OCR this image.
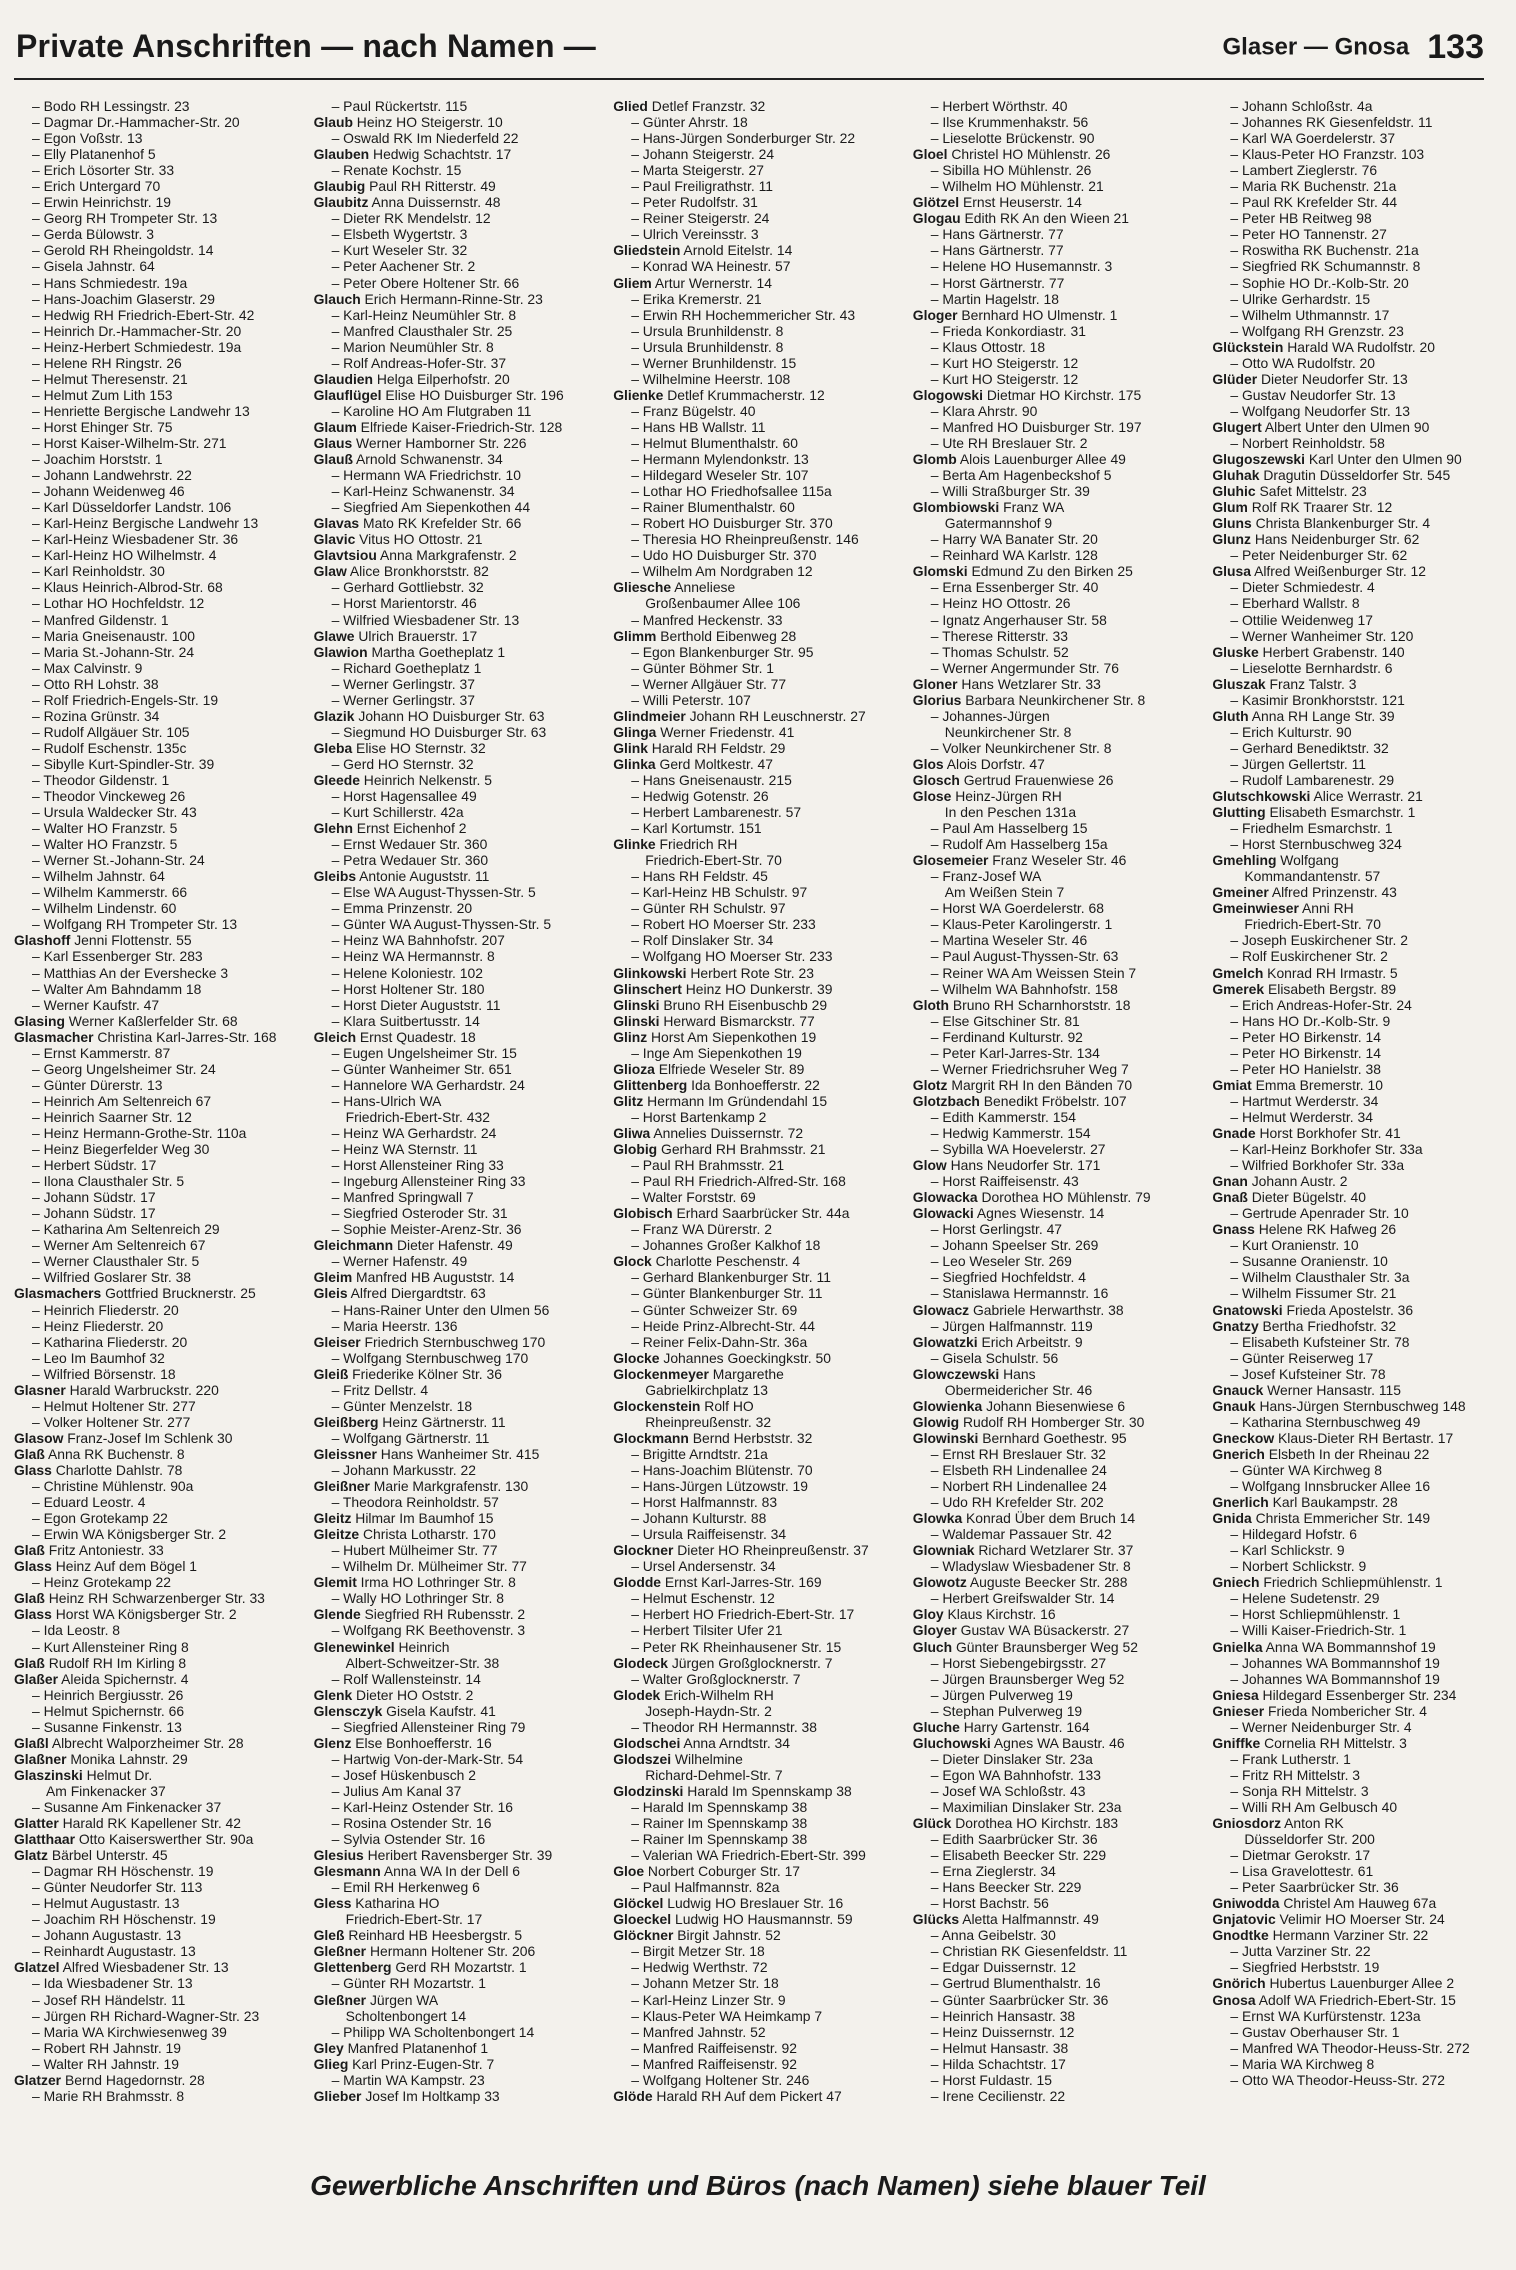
Private Anschriften — nach Namen —	Glaser — Gnosa 133
– Bodo RH Lessingstr. 23
– Dagmar Dr.-Hammacher-Str. 20
– Egon Voßstr. 13
– Elly Platanenhof 5
– Erich Lösorter Str. 33
– Erich Untergard 70
– Erwin Heinrichstr. 19
– Georg RH Trompeter Str. 13
– Gerda Bülowstr. 3
– Gerold RH Rheingoldstr. 14
– Gisela Jahnstr. 64
– Hans Schmiedestr. 19a
– Hans-Joachim Glaserstr. 29
– Hedwig RH Friedrich-Ebert-Str. 42
– Heinrich Dr.-Hammacher-Str. 20
– Heinz-Herbert Schmiedestr. 19a
– Helene RH Ringstr. 26
– Helmut Theresenstr. 21
– Helmut Zum Lith 153
– Henriette Bergische Landwehr 13
– Horst Ehinger Str. 75
– Horst Kaiser-Wilhelm-Str. 271
– Joachim Horststr. 1
– Johann Landwehrstr. 22
– Johann Weidenweg 46
– Karl Düsseldorfer Landstr. 106
– Karl-Heinz Bergische Landwehr 13
– Karl-Heinz Wiesbadener Str. 36
– Karl-Heinz HO Wilhelmstr. 4
– Karl Reinholdstr. 30
– Klaus Heinrich-Albrod-Str. 68
– Lothar HO Hochfeldstr. 12
– Manfred Gildenstr. 1
– Maria Gneisenaustr. 100
– Maria St.-Johann-Str. 24
– Max Calvinstr. 9
– Otto RH Lohstr. 38
– Rolf Friedrich-Engels-Str. 19
– Rozina Grünstr. 34
– Rudolf Allgäuer Str. 105
– Rudolf Eschenstr. 135c
– Sibylle Kurt-Spindler-Str. 39
– Theodor Gildenstr. 1
– Theodor Vinckeweg 26
– Ursula Waldecker Str. 43
– Walter HO Franzstr. 5
– Walter HO Franzstr. 5
– Werner St.-Johann-Str. 24
– Wilhelm Jahnstr. 64
– Wilhelm Kammerstr. 66
– Wilhelm Lindenstr. 60
– Wolfgang RH Trompeter Str. 13
Glashoff Jenni Flottenstr. 55
– Karl Essenberger Str. 283
– Matthias An der Evershecke 3
– Walter Am Bahndamm 18
– Werner Kaufstr. 47
Glasing Werner Kaßlerfelder Str. 68
Glasmacher Christina Karl-Jarres-Str. 168
– Ernst Kammerstr. 87
– Georg Ungelsheimer Str. 24
– Günter Dürerstr. 13
– Heinrich Am Seltenreich 67
– Heinrich Saarner Str. 12
– Heinz Hermann-Grothe-Str. 110a
– Heinz Biegerfelder Weg 30
– Herbert Südstr. 17
– Ilona Clausthaler Str. 5
– Johann Südstr. 17
– Johann Südstr. 17
– Katharina Am Seltenreich 29
– Werner Am Seltenreich 67
– Werner Clausthaler Str. 5
– Wilfried Goslarer Str. 38
Glasmachers Gottfried Brucknerstr. 25
– Heinrich Fliederstr. 20
– Heinz Fliederstr. 20
– Katharina Fliederstr. 20
– Leo Im Baumhof 32
– Wilfried Börsenstr. 18
Glasner Harald Warbruckstr. 220
– Helmut Holtener Str. 277
– Volker Holtener Str. 277
Glasow Franz-Josef Im Schlenk 30
Glaß Anna RK Buchenstr. 8
Glass Charlotte Dahlstr. 78
– Christine Mühlenstr. 90a
– Eduard Leostr. 4
– Egon Grotekamp 22
– Erwin WA Königsberger Str. 2
Glaß Fritz Antoniestr. 33
Glass Heinz Auf dem Bögel 1
– Heinz Grotekamp 22
Glaß Heinz RH Schwarzenberger Str. 33
Glass Horst WA Königsberger Str. 2
– Ida Leostr. 8
– Kurt Allensteiner Ring 8
Glaß Rudolf RH Im Kirling 8
Glaßer Aleida Spichernstr. 4
– Heinrich Bergiusstr. 26
– Helmut Spichernstr. 66
– Susanne Finkenstr. 13
Glaßl Albrecht Walporzheimer Str. 28
Glaßner Monika Lahnstr. 29
Glaszinski Helmut Dr.
Am Finkenacker 37
– Susanne Am Finkenacker 37
Glatter Harald RK Kapellener Str. 42
Glatthaar Otto Kaiserswerther Str. 90a
Glatz Bärbel Unterstr. 45
– Dagmar RH Höschenstr. 19
– Günter Neudorfer Str. 113
– Helmut Augustastr. 13
– Joachim RH Höschenstr. 19
– Johann Augustastr. 13
– Reinhardt Augustastr. 13
Glatzel Alfred Wiesbadener Str. 13
– Ida Wiesbadener Str. 13
– Josef RH Händelstr. 11
– Jürgen RH Richard-Wagner-Str. 23
– Maria WA Kirchwiesenweg 39
– Robert RH Jahnstr. 19
– Walter RH Jahnstr. 19
Glatzer Bernd Hagedornstr. 28
– Marie RH Brahmsstr. 8
– Paul Rückertstr. 115
Glaub Heinz HO Steigerstr. 10
– Oswald RK Im Niederfeld 22
Glauben Hedwig Schachtstr. 17
– Renate Kochstr. 15
Glaubig Paul RH Ritterstr. 49
Glaubitz Anna Duissernstr. 48
– Dieter RK Mendelstr. 12
– Elsbeth Wygertstr. 3
– Kurt Weseler Str. 32
– Peter Aachener Str. 2
– Peter Obere Holtener Str. 66
Glauch Erich Hermann-Rinne-Str. 23
– Karl-Heinz Neumühler Str. 8
– Manfred Clausthaler Str. 25
– Marion Neumühler Str. 8
– Rolf Andreas-Hofer-Str. 37
Glaudien Helga Eilperhofstr. 20
Glauflügel Elise HO Duisburger Str. 196
– Karoline HO Am Flutgraben 11
Glaum Elfriede Kaiser-Friedrich-Str. 128
Glaus Werner Hamborner Str. 226
Glauß Arnold Schwanenstr. 34
– Hermann WA Friedrichstr. 10
– Karl-Heinz Schwanenstr. 34
– Siegfried Am Siepenkothen 44
Glavas Mato RK Krefelder Str. 66
Glavic Vitus HO Ottostr. 21
Glavtsiou Anna Markgrafenstr. 2
Glaw Alice Bronkhorststr. 82
– Gerhard Gottliebstr. 32
– Horst Marientorstr. 46
– Wilfried Wiesbadener Str. 13
Glawe Ulrich Brauerstr. 17
Glawion Martha Goetheplatz 1
– Richard Goetheplatz 1
– Werner Gerlingstr. 37
– Werner Gerlingstr. 37
Glazik Johann HO Duisburger Str. 63
– Siegmund HO Duisburger Str. 63
Gleba Elise HO Sternstr. 32
– Gerd HO Sternstr. 32
Gleede Heinrich Nelkenstr. 5
– Horst Hagensallee 49
– Kurt Schillerstr. 42a
Glehn Ernst Eichenhof 2
– Ernst Wedauer Str. 360
– Petra Wedauer Str. 360
Gleibs Antonie Auguststr. 11
– Else WA August-Thyssen-Str. 5
– Emma Prinzenstr. 20
– Günter WA August-Thyssen-Str. 5
– Heinz WA Bahnhofstr. 207
– Heinz WA Hermannstr. 8
– Helene Koloniestr. 102
– Horst Holtener Str. 180
– Horst Dieter Auguststr. 11
– Klara Suitbertusstr. 14
Gleich Ernst Quadestr. 18
– Eugen Ungelsheimer Str. 15
– Günter Wanheimer Str. 651
– Hannelore WA Gerhardstr. 24
– Hans-Ulrich WA
Friedrich-Ebert-Str. 432
– Heinz WA Gerhardstr. 24
– Heinz WA Sternstr. 11
– Horst Allensteiner Ring 33
– Ingeburg Allensteiner Ring 33
– Manfred Springwall 7
– Siegfried Osteroder Str. 31
– Sophie Meister-Arenz-Str. 36
Gleichmann Dieter Hafenstr. 49
– Werner Hafenstr. 49
Gleim Manfred HB Auguststr. 14
Gleis Alfred Diergardtstr. 63
– Hans-Rainer Unter den Ulmen 56
– Maria Heerstr. 136
Gleiser Friedrich Sternbuschweg 170
– Wolfgang Sternbuschweg 170
Gleiß Friederike Kölner Str. 36
– Fritz Dellstr. 4
– Günter Menzelstr. 18
Gleißberg Heinz Gärtnerstr. 11
– Wolfgang Gärtnerstr. 11
Gleissner Hans Wanheimer Str. 415
– Johann Markusstr. 22
Gleißner Marie Markgrafenstr. 130
– Theodora Reinholdstr. 57
Gleitz Hilmar Im Baumhof 15
Gleitze Christa Lotharstr. 170
– Hubert Mülheimer Str. 77
– Wilhelm Dr. Mülheimer Str. 77
Glemit Irma HO Lothringer Str. 8
– Wally HO Lothringer Str. 8
Glende Siegfried RH Rubensstr. 2
– Wolfgang RK Beethovenstr. 3
Glenewinkel Heinrich
Albert-Schweitzer-Str. 38
– Rolf Wallensteinstr. 14
Glenk Dieter HO Oststr. 2
Glensczyk Gisela Kaufstr. 41
– Siegfried Allensteiner Ring 79
Glenz Else Bonhoefferstr. 16
– Hartwig Von-der-Mark-Str. 54
– Josef Hüskenbusch 2
– Julius Am Kanal 37
– Karl-Heinz Ostender Str. 16
– Rosina Ostender Str. 16
– Sylvia Ostender Str. 16
Glesius Heribert Ravensberger Str. 39
Glesmann Anna WA In der Dell 6
– Emil RH Herkenweg 6
Gless Katharina HO
Friedrich-Ebert-Str. 17
Gleß Reinhard HB Heesbergstr. 5
Gleßner Hermann Holtener Str. 206
Glettenberg Gerd RH Mozartstr. 1
– Günter RH Mozartstr. 1
Gleßner Jürgen WA
Scholtenbongert 14
– Philipp WA Scholtenbongert 14
Gley Manfred Platanenhof 1
Glieg Karl Prinz-Eugen-Str. 7
– Martin WA Kampstr. 23
Glieber Josef Im Holtkamp 33
Glied Detlef Franzstr. 32
– Günter Ahrstr. 18
– Hans-Jürgen Sonderburger Str. 22
– Johann Steigerstr. 24
– Marta Steigerstr. 27
– Paul Freiligrathstr. 11
– Peter Rudolfstr. 31
– Reiner Steigerstr. 24
– Ulrich Vereinsstr. 3
Gliedstein Arnold Eitelstr. 14
– Konrad WA Heinestr. 57
Gliem Artur Wernerstr. 14
– Erika Kremerstr. 21
– Erwin RH Hochemmericher Str. 43
– Ursula Brunhildenstr. 8
– Ursula Brunhildenstr. 8
– Werner Brunhildenstr. 15
– Wilhelmine Heerstr. 108
Glienke Detlef Krummacherstr. 12
– Franz Bügelstr. 40
– Hans HB Wallstr. 11
– Helmut Blumenthalstr. 60
– Hermann Mylendonkstr. 13
– Hildegard Weseler Str. 107
– Lothar HO Friedhofsallee 115a
– Rainer Blumenthalstr. 60
– Robert HO Duisburger Str. 370
– Theresia HO Rheinpreußenstr. 146
– Udo HO Duisburger Str. 370
– Wilhelm Am Nordgraben 12
Gliesche Anneliese
Großenbaumer Allee 106
– Manfred Heckenstr. 33
Glimm Berthold Eibenweg 28
– Egon Blankenburger Str. 95
– Günter Böhmer Str. 1
– Werner Allgäuer Str. 77
– Willi Peterstr. 107
Glindmeier Johann RH Leuschnerstr. 27
Glinga Werner Friedenstr. 41
Glink Harald RH Feldstr. 29
Glinka Gerd Moltkestr. 47
– Hans Gneisenaustr. 215
– Hedwig Gotenstr. 26
– Herbert Lambarenestr. 57
– Karl Kortumstr. 151
Glinke Friedrich RH
Friedrich-Ebert-Str. 70
– Hans RH Feldstr. 45
– Karl-Heinz HB Schulstr. 97
– Günter RH Schulstr. 97
– Robert HO Moerser Str. 233
– Rolf Dinslaker Str. 34
– Wolfgang HO Moerser Str. 233
Glinkowski Herbert Rote Str. 23
Glinschert Heinz HO Dunkerstr. 39
Glinski Bruno RH Eisenbuschb 29
Glinski Herward Bismarckstr. 77
Glinz Horst Am Siepenkothen 19
– Inge Am Siepenkothen 19
Glioza Elfriede Weseler Str. 89
Glittenberg Ida Bonhoefferstr. 22
Glitz Hermann Im Gründendahl 15
– Horst Bartenkamp 2
Gliwa Annelies Duissernstr. 72
Globig Gerhard RH Brahmsstr. 21
– Paul RH Brahmsstr. 21
– Paul RH Friedrich-Alfred-Str. 168
– Walter Forststr. 69
Globisch Erhard Saarbrücker Str. 44a
– Franz WA Dürerstr. 2
– Johannes Großer Kalkhof 18
Glock Charlotte Peschenstr. 4
– Gerhard Blankenburger Str. 11
– Günter Blankenburger Str. 11
– Günter Schweizer Str. 69
– Heide Prinz-Albrecht-Str. 44
– Reiner Felix-Dahn-Str. 36a
Glocke Johannes Goeckingkstr. 50
Glockenmeyer Margarethe
Gabrielkirchplatz 13
Glockenstein Rolf HO
Rheinpreußenstr. 32
Glockmann Bernd Herbststr. 32
– Brigitte Arndtstr. 21a
– Hans-Joachim Blütenstr. 70
– Hans-Jürgen Lützowstr. 19
– Horst Halfmannstr. 83
– Johann Kulturstr. 88
– Ursula Raiffeisenstr. 34
Glockner Dieter HO Rheinpreußenstr. 37
– Ursel Andersenstr. 34
Glodde Ernst Karl-Jarres-Str. 169
– Helmut Eschenstr. 12
– Herbert HO Friedrich-Ebert-Str. 17
– Herbert Tilsiter Ufer 21
– Peter RK Rheinhausener Str. 15
Glodeck Jürgen Großglocknerstr. 7
– Walter Großglocknerstr. 7
Glodek Erich-Wilhelm RH
Joseph-Haydn-Str. 2
– Theodor RH Hermannstr. 38
Glodschei Anna Arndtstr. 34
Glodszei Wilhelmine
Richard-Dehmel-Str. 7
Glodzinski Harald Im Spennskamp 38
– Harald Im Spennskamp 38
– Rainer Im Spennskamp 38
– Rainer Im Spennskamp 38
– Valerian WA Friedrich-Ebert-Str. 399
Gloe Norbert Coburger Str. 17
– Paul Halfmannstr. 82a
Glöckel Ludwig HO Breslauer Str. 16
Gloeckel Ludwig HO Hausmannstr. 59
Glöckner Birgit Jahnstr. 52
– Birgit Metzer Str. 18
– Hedwig Werthstr. 72
– Johann Metzer Str. 18
– Karl-Heinz Linzer Str. 9
– Klaus-Peter WA Heimkamp 7
– Manfred Jahnstr. 52
– Manfred Raiffeisenstr. 92
– Manfred Raiffeisenstr. 92
– Wolfgang Holtener Str. 246
Glöde Harald RH Auf dem Pickert 47
– Herbert Wörthstr. 40
– Ilse Krummenhakstr. 56
– Lieselotte Brückenstr. 90
Gloel Christel HO Mühlenstr. 26
– Sibilla HO Mühlenstr. 26
– Wilhelm HO Mühlenstr. 21
Glötzel Ernst Heuserstr. 14
Glogau Edith RK An den Wieen 21
– Hans Gärtnerstr. 77
– Hans Gärtnerstr. 77
– Helene HO Husemannstr. 3
– Horst Gärtnerstr. 77
– Martin Hagelstr. 18
Gloger Bernhard HO Ulmenstr. 1
– Frieda Konkordiastr. 31
– Klaus Ottostr. 18
– Kurt HO Steigerstr. 12
– Kurt HO Steigerstr. 12
Glogowski Dietmar HO Kirchstr. 175
– Klara Ahrstr. 90
– Manfred HO Duisburger Str. 197
– Ute RH Breslauer Str. 2
Glomb Alois Lauenburger Allee 49
– Berta Am Hagenbeckshof 5
– Willi Straßburger Str. 39
Glombiowski Franz WA
Gatermannshof 9
– Harry WA Banater Str. 20
– Reinhard WA Karlstr. 128
Glomski Edmund Zu den Birken 25
– Erna Essenberger Str. 40
– Heinz HO Ottostr. 26
– Ignatz Angerhauser Str. 58
– Therese Ritterstr. 33
– Thomas Schulstr. 52
– Werner Angermunder Str. 76
Gloner Hans Wetzlarer Str. 33
Glorius Barbara Neunkirchener Str. 8
– Johannes-Jürgen
Neunkirchener Str. 8
– Volker Neunkirchener Str. 8
Glos Alois Dorfstr. 47
Glosch Gertrud Frauenwiese 26
Glose Heinz-Jürgen RH
In den Peschen 131a
– Paul Am Hasselberg 15
– Rudolf Am Hasselberg 15a
Glosemeier Franz Weseler Str. 46
– Franz-Josef WA
Am Weißen Stein 7
– Horst WA Goerdelerstr. 68
– Klaus-Peter Karolingerstr. 1
– Martina Weseler Str. 46
– Paul August-Thyssen-Str. 63
– Reiner WA Am Weissen Stein 7
– Wilhelm WA Bahnhofstr. 158
Gloth Bruno RH Scharnhorststr. 18
– Else Gitschiner Str. 81
– Ferdinand Kulturstr. 92
– Peter Karl-Jarres-Str. 134
– Werner Friedrichsruher Weg 7
Glotz Margrit RH In den Bänden 70
Glotzbach Benedikt Fröbelstr. 107
– Edith Kammerstr. 154
– Hedwig Kammerstr. 154
– Sybilla WA Hoevelerstr. 27
Glow Hans Neudorfer Str. 171
– Horst Raiffeisenstr. 43
Glowacka Dorothea HO Mühlenstr. 79
Glowacki Agnes Wiesenstr. 14
– Horst Gerlingstr. 47
– Johann Speelser Str. 269
– Leo Weseler Str. 269
– Siegfried Hochfeldstr. 4
– Stanislawa Hermannstr. 16
Glowacz Gabriele Herwarthstr. 38
– Jürgen Halfmannstr. 119
Glowatzki Erich Arbeitstr. 9
– Gisela Schulstr. 56
Glowczewski Hans
Obermeidericher Str. 46
Glowienka Johann Biesenwiese 6
Glowig Rudolf RH Homberger Str. 30
Glowinski Bernhard Goethestr. 95
– Ernst RH Breslauer Str. 32
– Elsbeth RH Lindenallee 24
– Norbert RH Lindenallee 24
– Udo RH Krefelder Str. 202
Glowka Konrad Über dem Bruch 14
– Waldemar Passauer Str. 42
Glowniak Richard Wetzlarer Str. 37
– Wladyslaw Wiesbadener Str. 8
Glowotz Auguste Beecker Str. 288
– Herbert Greifswalder Str. 14
Gloy Klaus Kirchstr. 16
Gloyer Gustav WA Büsackerstr. 27
Gluch Günter Braunsberger Weg 52
– Horst Siebengebirgsstr. 27
– Jürgen Braunsberger Weg 52
– Jürgen Pulverweg 19
– Stephan Pulverweg 19
Gluche Harry Gartenstr. 164
Gluchowski Agnes WA Baustr. 46
– Dieter Dinslaker Str. 23a
– Egon WA Bahnhofstr. 133
– Josef WA Schloßstr. 43
– Maximilian Dinslaker Str. 23a
Glück Dorothea HO Kirchstr. 183
– Edith Saarbrücker Str. 36
– Elisabeth Beecker Str. 229
– Erna Zieglerstr. 34
– Hans Beecker Str. 229
– Horst Bachstr. 56
Glücks Aletta Halfmannstr. 49
– Anna Geibelstr. 30
– Christian RK Giesenfeldstr. 11
– Edgar Duissernstr. 12
– Gertrud Blumenthalstr. 16
– Günter Saarbrücker Str. 36
– Heinrich Hansastr. 38
– Heinz Duissernstr. 12
– Helmut Hansastr. 38
– Hilda Schachtstr. 17
– Horst Fuldastr. 15
– Irene Cecilienstr. 22
– Johann Schloßstr. 4a
– Johannes RK Giesenfeldstr. 11
– Karl WA Goerdelerstr. 37
– Klaus-Peter HO Franzstr. 103
– Lambert Zieglerstr. 76
– Maria RK Buchenstr. 21a
– Paul RK Krefelder Str. 44
– Peter HB Reitweg 98
– Peter HO Tannenstr. 27
– Roswitha RK Buchenstr. 21a
– Siegfried RK Schumannstr. 8
– Sophie HO Dr.-Kolb-Str. 20
– Ulrike Gerhardstr. 15
– Wilhelm Uthmannstr. 17
– Wolfgang RH Grenzstr. 23
Glückstein Harald WA Rudolfstr. 20
– Otto WA Rudolfstr. 20
Glüder Dieter Neudorfer Str. 13
– Gustav Neudorfer Str. 13
– Wolfgang Neudorfer Str. 13
Glugert Albert Unter den Ulmen 90
– Norbert Reinholdstr. 58
Glugoszewski Karl Unter den Ulmen 90
Gluhak Dragutin Düsseldorfer Str. 545
Gluhic Safet Mittelstr. 23
Glum Rolf RK Traarer Str. 12
Gluns Christa Blankenburger Str. 4
Glunz Hans Neidenburger Str. 62
– Peter Neidenburger Str. 62
Glusa Alfred Weißenburger Str. 12
– Dieter Schmiedestr. 4
– Eberhard Wallstr. 8
– Ottilie Weidenweg 17
– Werner Wanheimer Str. 120
Gluske Herbert Grabenstr. 140
– Lieselotte Bernhardstr. 6
Gluszak Franz Talstr. 3
– Kasimir Bronkhorststr. 121
Gluth Anna RH Lange Str. 39
– Erich Kulturstr. 90
– Gerhard Benediktstr. 32
– Jürgen Gellertstr. 11
– Rudolf Lambarenestr. 29
Glutschkowski Alice Werrastr. 21
Glutting Elisabeth Esmarchstr. 1
– Friedhelm Esmarchstr. 1
– Horst Sternbuschweg 324
Gmehling Wolfgang
Kommandantenstr. 57
Gmeiner Alfred Prinzenstr. 43
Gmeinwieser Anni RH
Friedrich-Ebert-Str. 70
– Joseph Euskirchener Str. 2
– Rolf Euskirchener Str. 2
Gmelch Konrad RH Irmastr. 5
Gmerek Elisabeth Bergstr. 89
– Erich Andreas-Hofer-Str. 24
– Hans HO Dr.-Kolb-Str. 9
– Peter HO Birkenstr. 14
– Peter HO Birkenstr. 14
– Peter HO Hanielstr. 38
Gmiat Emma Bremerstr. 10
– Hartmut Werderstr. 34
– Helmut Werderstr. 34
Gnade Horst Borkhofer Str. 41
– Karl-Heinz Borkhofer Str. 33a
– Wilfried Borkhofer Str. 33a
Gnan Johann Austr. 2
Gnaß Dieter Bügelstr. 40
– Gertrude Apenrader Str. 10
Gnass Helene RK Hafweg 26
– Kurt Oranienstr. 10
– Susanne Oranienstr. 10
– Wilhelm Clausthaler Str. 3a
– Wilhelm Fissumer Str. 21
Gnatowski Frieda Apostelstr. 36
Gnatzy Bertha Friedhofstr. 32
– Elisabeth Kufsteiner Str. 78
– Günter Reiserweg 17
– Josef Kufsteiner Str. 78
Gnauck Werner Hansastr. 115
Gnauk Hans-Jürgen Sternbuschweg 148
– Katharina Sternbuschweg 49
Gneckow Klaus-Dieter RH Bertastr. 17
Gnerich Elsbeth In der Rheinau 22
– Günter WA Kirchweg 8
– Wolfgang Innsbrucker Allee 16
Gnerlich Karl Baukampstr. 28
Gnida Christa Emmericher Str. 149
– Hildegard Hofstr. 6
– Karl Schlickstr. 9
– Norbert Schlickstr. 9
Gniech Friedrich Schliepmühlenstr. 1
– Helene Sudetenstr. 29
– Horst Schliepmühlenstr. 1
– Willi Kaiser-Friedrich-Str. 1
Gnielka Anna WA Bommannshof 19
– Johannes WA Bommannshof 19
– Johannes WA Bommannshof 19
Gniesa Hildegard Essenberger Str. 234
Gnieser Frieda Nombericher Str. 4
– Werner Neidenburger Str. 4
Gniffke Cornelia RH Mittelstr. 3
– Frank Lutherstr. 1
– Fritz RH Mittelstr. 3
– Sonja RH Mittelstr. 3
– Willi RH Am Gelbusch 40
Gniosdorz Anton RK
Düsseldorfer Str. 200
– Dietmar Gerokstr. 17
– Lisa Gravelottestr. 61
– Peter Saarbrücker Str. 36
Gniwodda Christel Am Hauweg 67a
Gnjatovic Velimir HO Moerser Str. 24
Gnodtke Hermann Varziner Str. 22
– Jutta Varziner Str. 22
– Siegfried Herbststr. 19
Gnörich Hubertus Lauenburger Allee 2
Gnosa Adolf WA Friedrich-Ebert-Str. 15
– Ernst WA Kurfürstenstr. 123a
– Gustav Oberhauser Str. 1
– Manfred WA Theodor-Heuss-Str. 272
– Maria WA Kirchweg 8
– Otto WA Theodor-Heuss-Str. 272
Gewerbliche Anschriften und Büros (nach Namen) siehe blauer Teil
